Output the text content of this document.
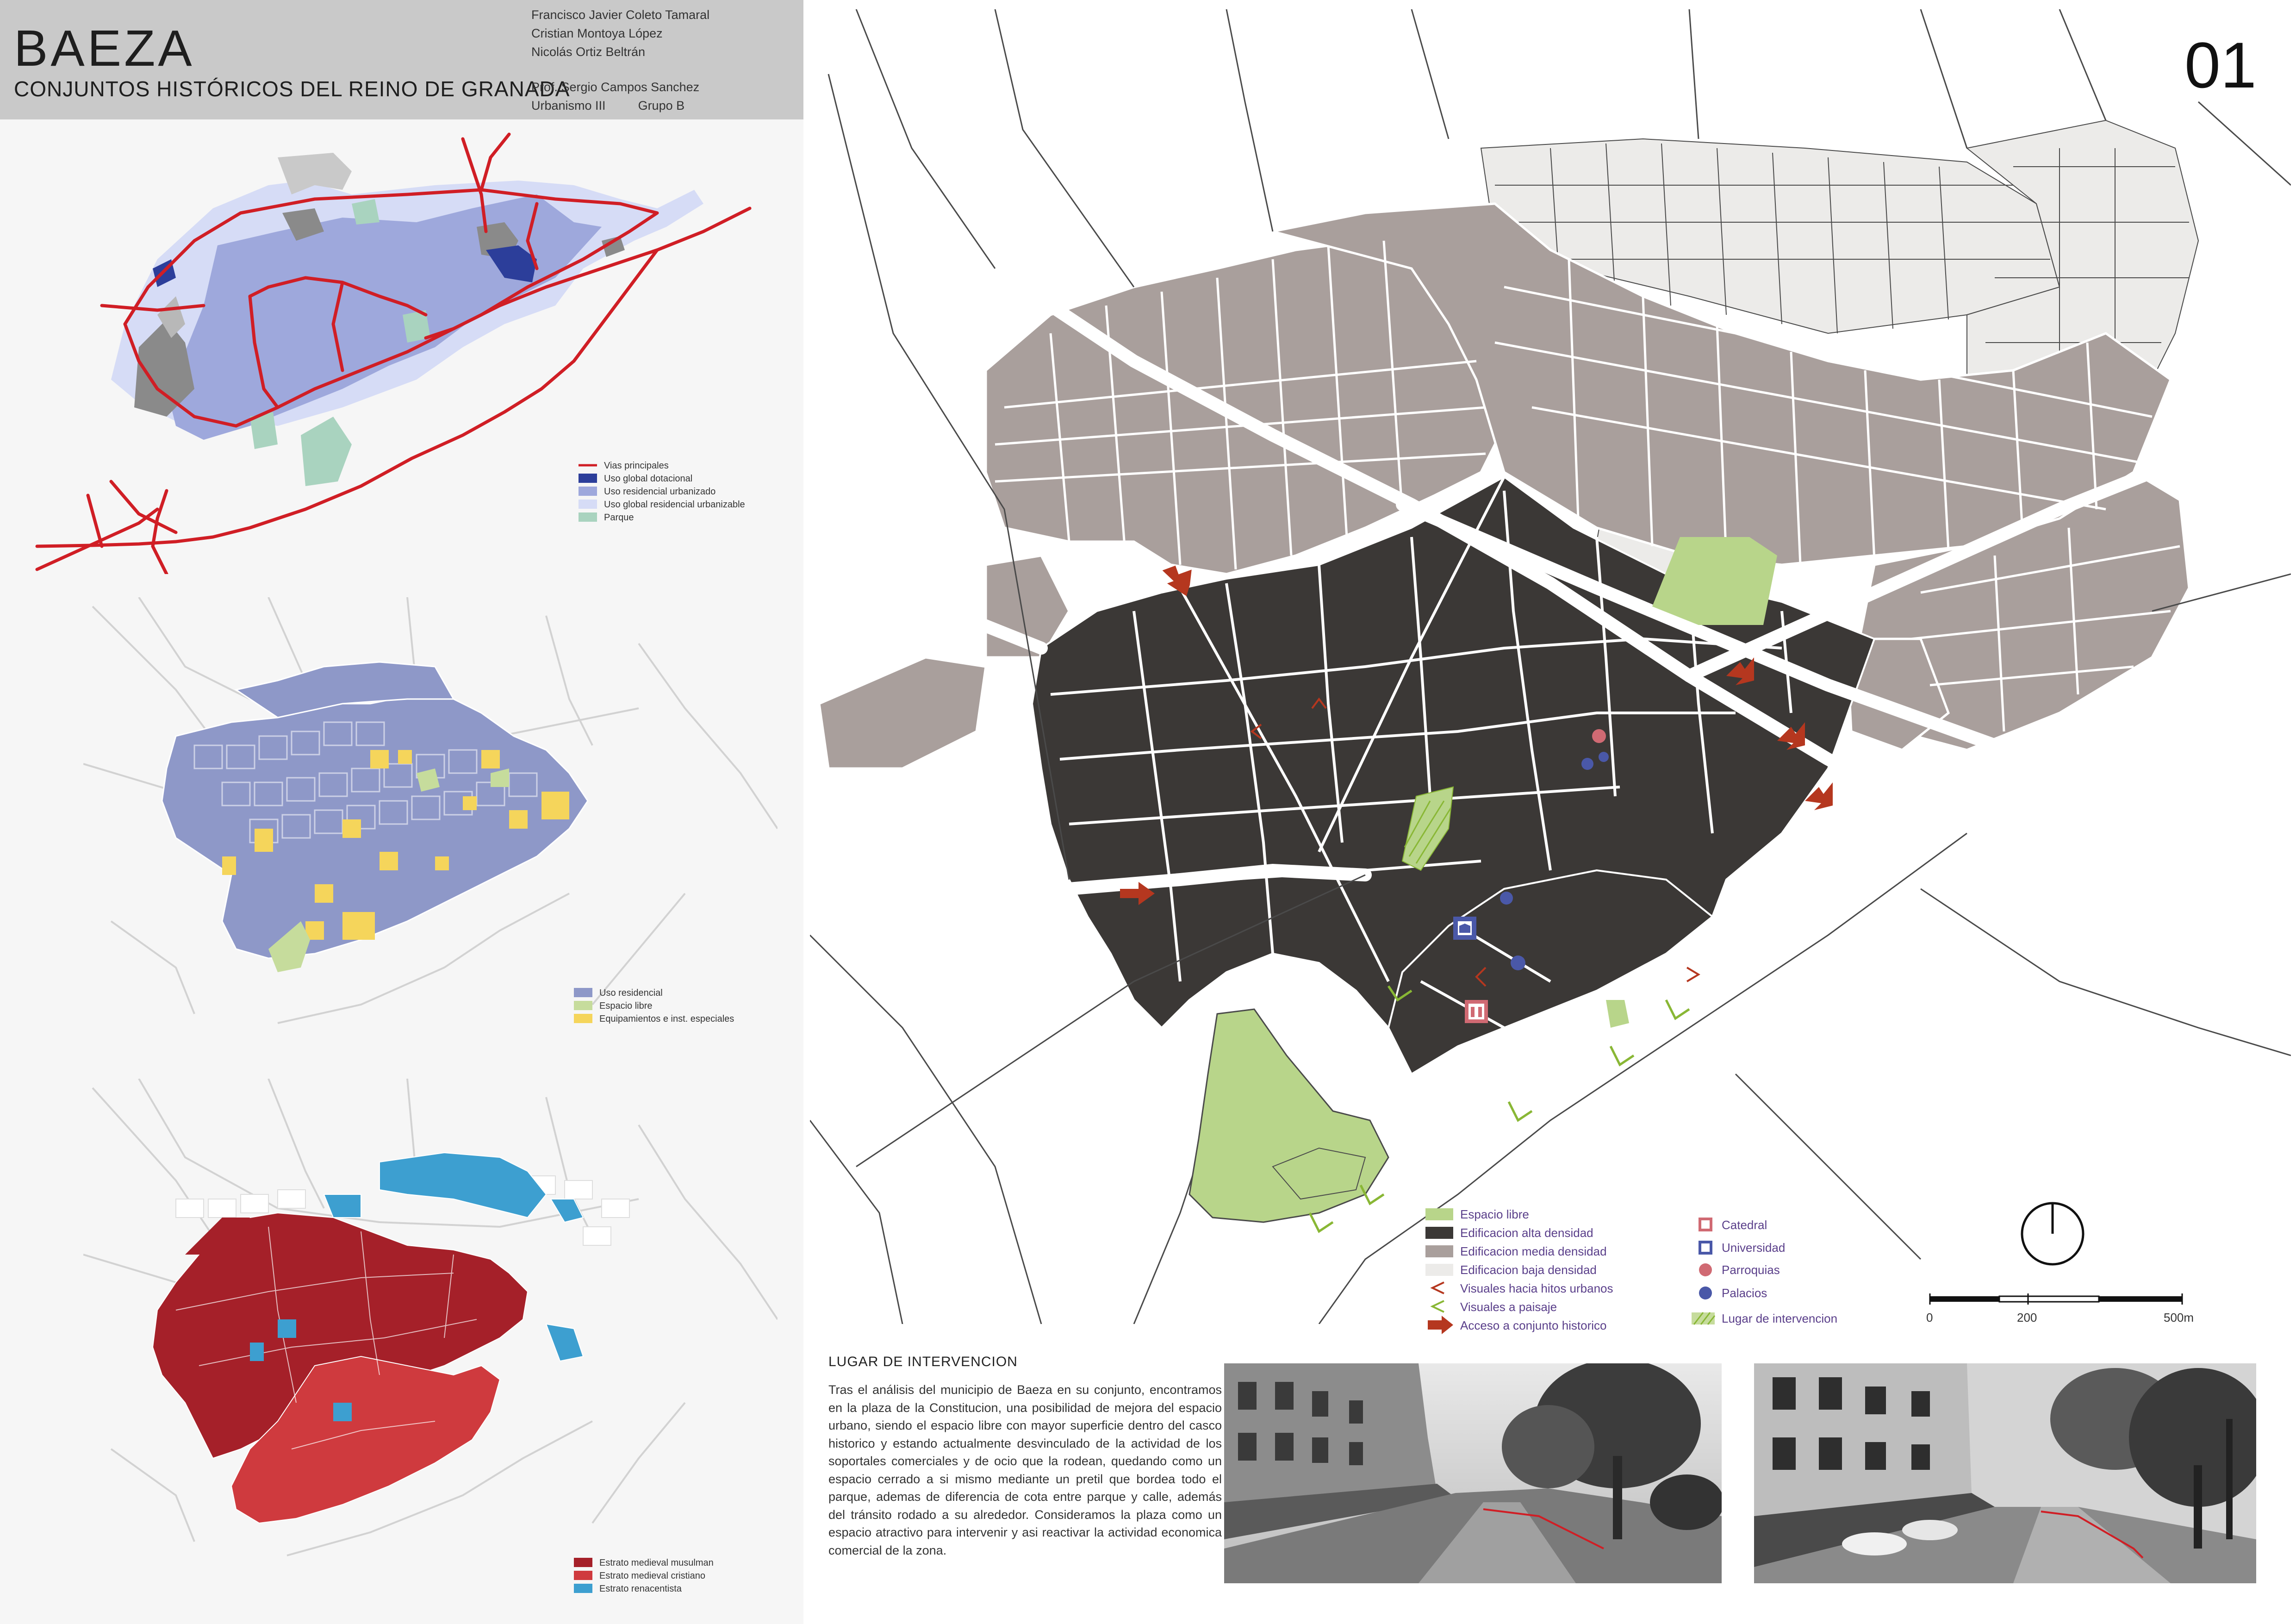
BAEZA
CONJUNTOS HISTÓRICOS DEL REINO DE GRANADA
Francisco Javier Coleto Tamaral
Cristian Montoya López
Nicolás Ortiz Beltrán
Prof. Sergio Campos Sanchez
Urbanismo III	Grupo B
Vias principales
Uso global dotacional
Uso residencial urbanizado
Uso global residencial urbanizable
Parque
Uso residencial
Espacio libre
Equipamientos e inst. especiales
Estrato medieval musulman
Estrato medieval cristiano
Estrato renacentista
01
Espacio libre
Edificacion alta densidad
Edificacion media densidad
Edificacion baja densidad
Visuales hacia hitos urbanos
Visuales a paisaje
Acceso a conjunto historico
Catedral
Universidad
Parroquias
Palacios
Lugar de intervencion	0	200	500m
LUGAR DE INTERVENCION
Tras el análisis del municipio de Baeza en su conjunto, encontramos en la plaza de la Constitucion, una posibilidad de mejora del espacio urbano, siendo el espacio libre con mayor superficie dentro del casco historico y estando actualmente desvinculado de la actividad de los soportales comerciales y de ocio que la rodean, quedando como un espacio cerrado a si mismo mediante un pretil que bordea todo el parque, ademas de diferencia de cota entre parque y calle, además del tránsito rodado a su alrededor. Consideramos la plaza como un espacio atractivo para intervenir y asi reactivar la actividad economica comercial de la zona.
